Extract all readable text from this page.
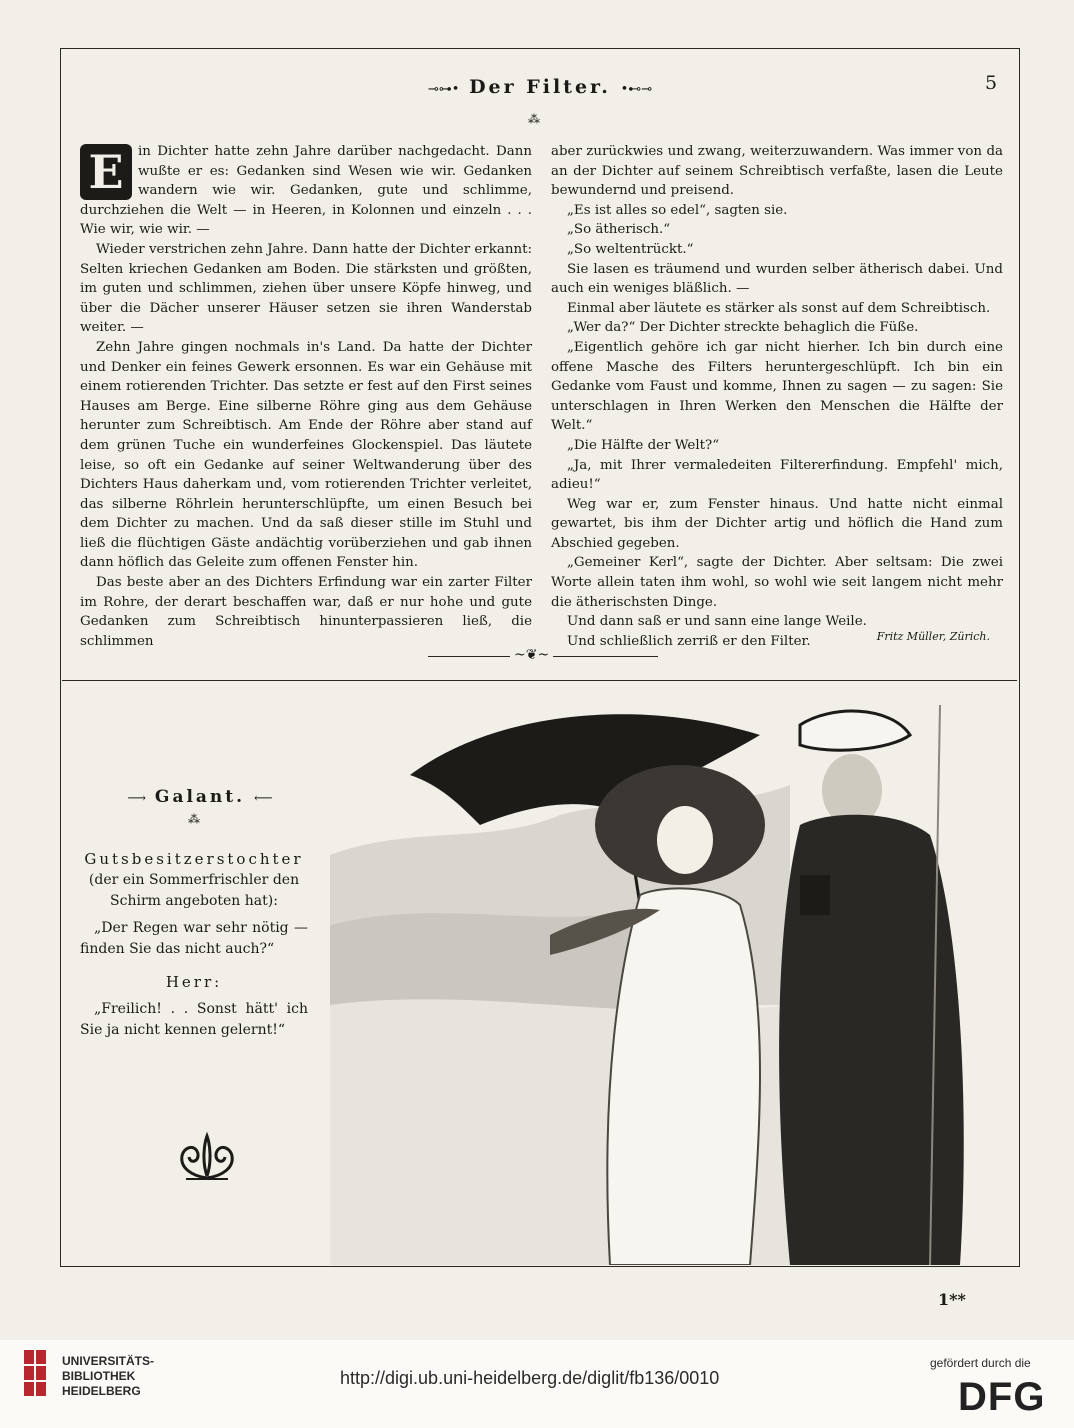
⊸⊶• Der Filter. •⊷⊸	5
⁂

E	in Dichter hatte zehn Jahre darüber nachgedacht. Dann wußte er es: Gedanken sind Wesen wie wir. Gedanken wandern wie wir. Gedanken, gute und schlimme, durchziehen die Welt — in Heeren, in Kolonnen und einzeln . . . Wie wir, wie wir. —

Wieder verstrichen zehn Jahre. Dann hatte der Dichter erkannt: Selten kriechen Gedanken am Boden. Die stärksten und größten, im guten und schlimmen, ziehen über unsere Köpfe hinweg, und über die Dächer unserer Häuser setzen sie ihren Wanderstab weiter. —

Zehn Jahre gingen nochmals in's Land. Da hatte der Dichter und Denker ein feines Gewerk ersonnen. Es war ein Gehäuse mit einem rotierenden Trichter. Das setzte er fest auf den First seines Hauses am Berge. Eine silberne Röhre ging aus dem Gehäuse herunter zum Schreibtisch. Am Ende der Röhre aber stand auf dem grünen Tuche ein wunderfeines Glockenspiel. Das läutete leise, so oft ein Gedanke auf seiner Weltwanderung über des Dichters Haus daherkam und, vom rotierenden Trichter verleitet, das silberne Röhrlein herunterschlüpfte, um einen Besuch bei dem Dichter zu machen. Und da saß dieser stille im Stuhl und ließ die flüchtigen Gäste andächtig vorüberziehen und gab ihnen dann höflich das Geleite zum offenen Fenster hin.

Das beste aber an des Dichters Erfindung war ein zarter Filter im Rohre, der derart beschaffen war, daß er nur hohe und gute Gedanken zum Schreibtisch hinunterpassieren ließ, die schlimmen

aber zurückwies und zwang, weiterzuwandern. Was immer von da an der Dichter auf seinem Schreibtisch verfaßte, lasen die Leute bewundernd und preisend.

„Es ist alles so edel“, sagten sie.

„So ätherisch.“

„So weltentrückt.“

Sie lasen es träumend und wurden selber ätherisch dabei. Und auch ein weniges bläßlich. —

Einmal aber läutete es stärker als sonst auf dem Schreibtisch.

„Wer da?“ Der Dichter streckte behaglich die Füße.

„Eigentlich gehöre ich gar nicht hierher. Ich bin durch eine offene Masche des Filters heruntergeschlüpft. Ich bin ein Gedanke vom Faust und komme, Ihnen zu sagen — zu sagen: Sie unterschlagen in Ihren Werken den Menschen die Hälfte der Welt.“

„Die Hälfte der Welt?“

„Ja, mit Ihrer vermaledeiten Filtererfindung. Empfehl' mich, adieu!“

Weg war er, zum Fenster hinaus. Und hatte nicht einmal gewartet, bis ihm der Dichter artig und höflich die Hand zum Abschied gegeben.

„Gemeiner Kerl“, sagte der Dichter. Aber seltsam: Die zwei Worte allein taten ihm wohl, so wohl wie seit langem nicht mehr die ätherischsten Dinge.

Und dann saß er und sann eine lange Weile.

Und schließlich zerriß er den Filter.	Fritz Müller, Zürich.
~❦~
⟶ Galant. ⟵
⁂

Gutsbesitzerstochter

(der ein Sommerfrischler den Schirm angeboten hat):

„Der Regen war sehr nötig — finden Sie das nicht auch?“

Herr:

„Freilich! . . Sonst hätt' ich Sie ja nicht kennen gelernt!“

1**
UNIVERSITÄTS-
BIBLIOTHEK
HEIDELBERG
http://digi.ub.uni-heidelberg.de/diglit/fb136/0010
gefördert durch die
DFG
